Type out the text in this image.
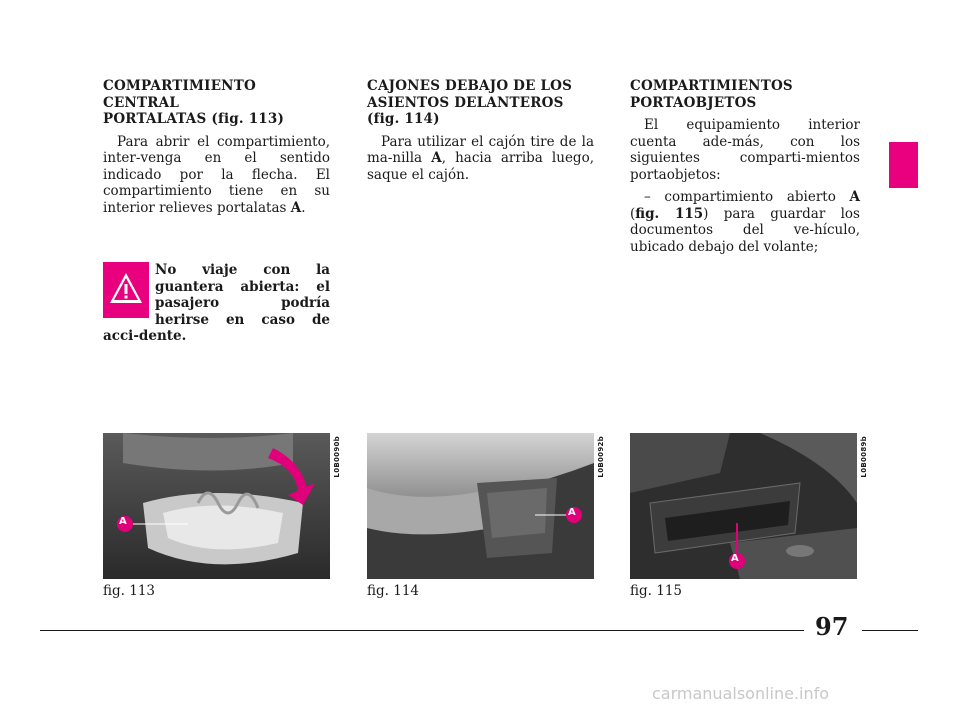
COMPARTIMIENTO CENTRAL
PORTALATAS (fig. 113)

Para abrir el compartimiento, inter-venga en el sentido indicado por la flecha. El compartimiento tiene en su interior relieves portalatas A.

No viaje con la guantera abierta: el pasajero podría herirse en caso de acci-dente.

CAJONES DEBAJO DE LOS
ASIENTOS DELANTEROS
(fig. 114)

Para utilizar el cajón tire de la ma-nilla A, hacia arriba luego, saque el cajón.

COMPARTIMIENTOS
PORTAOBJETOS

El equipamiento interior cuenta ade-más, con los siguientes comparti-mientos portaobjetos:

– compartimiento abierto A (fig. 115) para guardar los documentos del ve-hículo, ubicado debajo del volante;

A
L0B0090b
fig. 113
A
L0B0092b
fig. 114
A
L0B0089b
fig. 115
97
carmanualsonline.info
